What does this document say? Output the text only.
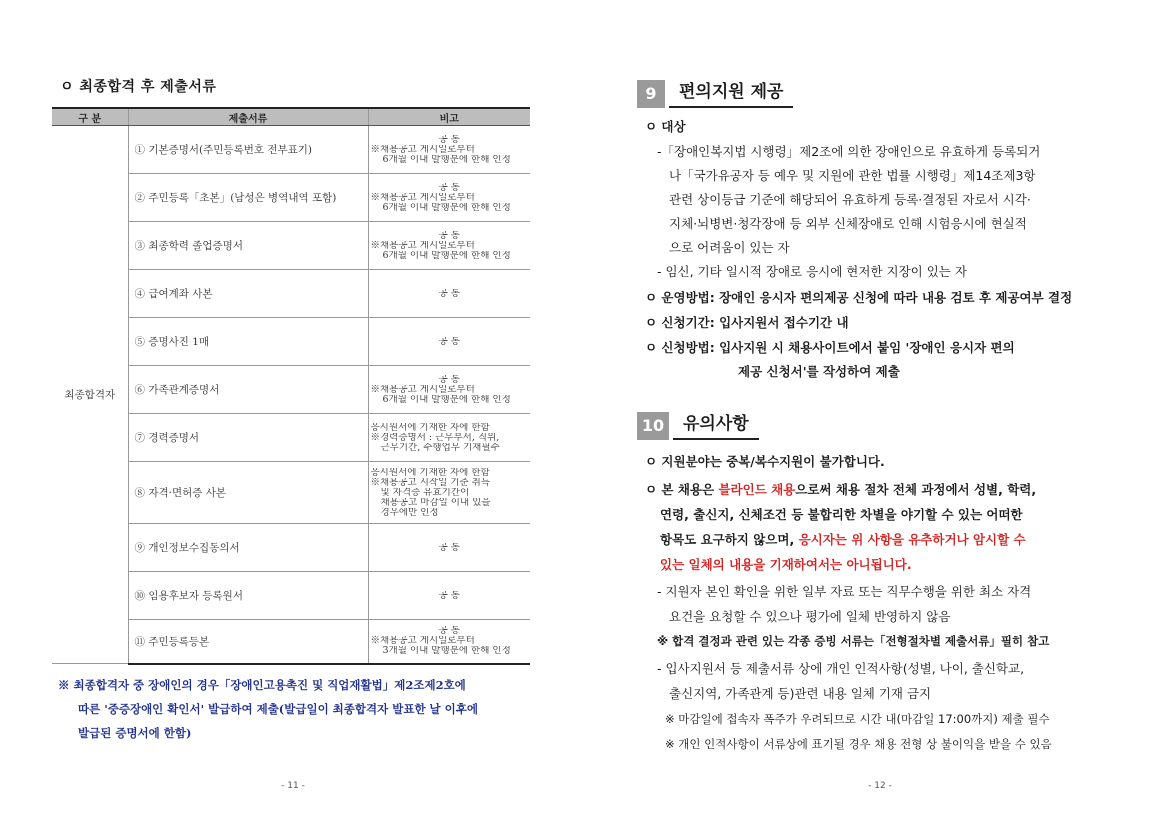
ㅇ 최종합격 후 제출서류
구 분	제출서류	비고
최종합격자	① 기본증명서(주민등록번호 전부표기)	공 통
※채용공고 게시일로부터
6개월 이내 발행분에 한해 인정

	② 주민등록「초본」(남성은 병역내역 포함)	공 통
※채용공고 게시일로부터
6개월 이내 발행분에 한해 인정

	③ 최종학력 졸업증명서	공 통
※채용공고 게시일로부터
6개월 이내 발행분에 한해 인정

	④ 급여계좌 사본	공 통

	⑤ 증명사진 1매	공 통

	⑥ 가족관계증명서	공 통
※채용공고 게시일로부터
6개월 이내 발행분에 한해 인정

	⑦ 경력증명서	응시원서에 기재한 자에 한함
※경력증명서 : 근무부서, 직위,
근무기간, 수행업무 기재필수

	⑧ 자격·면허증 사본	응시원서에 기재한 자에 한함
※채용공고 시작일 기준 취득
및 자격증 유효기간이
채용공고 마감일 이내 있을
경우에만 인정

	⑨ 개인정보수집동의서	공 통

	⑩ 임용후보자 등록원서	공 통

	⑪ 주민등록등본	공 통
※채용공고 게시일로부터
3개월 이내 발행분에 한해 인정
※ 최종합격자 중 장애인의 경우「장애인고용촉진 및 직업재활법」제2조제2호에
따른 '중증장애인 확인서' 발급하여 제출(발급일이 최종합격자 발표한 날 이후에
발급된 증명서에 한함)
- 11 -
9	편의지원 제공
ㅇ 대상
-「장애인복지법 시행령」제2조에 의한 장애인으로 유효하게 등록되거
나「국가유공자 등 예우 및 지원에 관한 법률 시행령」제14조제3항
관련 상이등급 기준에 해당되어 유효하게 등록·결정된 자로서 시각·
지체·뇌병변·청각장애 등 외부 신체장애로 인해 시험응시에 현실적
으로 어려움이 있는 자
- 임신, 기타 일시적 장애로 응시에 현저한 지장이 있는 자
ㅇ 운영방법: 장애인 응시자 편의제공 신청에 따라 내용 검토 후 제공여부 결정
ㅇ 신청기간: 입사지원서 접수기간 내
ㅇ 신청방법: 입사지원 시 채용사이트에서 붙임 '장애인 응시자 편의
제공 신청서'를 작성하여 제출
10	유의사항
ㅇ 지원분야는 중복/복수지원이 불가합니다.
ㅇ 본 채용은 블라인드 채용으로써 채용 절차 전체 과정에서 성별, 학력,
연령, 출신지, 신체조건 등 불합리한 차별을 야기할 수 있는 어떠한
항목도 요구하지 않으며, 응시자는 위 사항을 유추하거나 암시할 수
있는 일체의 내용을 기재하여서는 아니됩니다.
- 지원자 본인 확인을 위한 일부 자료 또는 직무수행을 위한 최소 자격
요건을 요청할 수 있으나 평가에 일체 반영하지 않음
※ 합격 결정과 관련 있는 각종 증빙 서류는「전형절차별 제출서류」필히 참고
- 입사지원서 등 제출서류 상에 개인 인적사항(성별, 나이, 출신학교,
출신지역, 가족관계 등)관련 내용 일체 기재 금지
※ 마감일에 접속자 폭주가 우려되므로 시간 내(마감일 17:00까지) 제출 필수
※ 개인 인적사항이 서류상에 표기될 경우 채용 전형 상 불이익을 받을 수 있음
- 12 -
